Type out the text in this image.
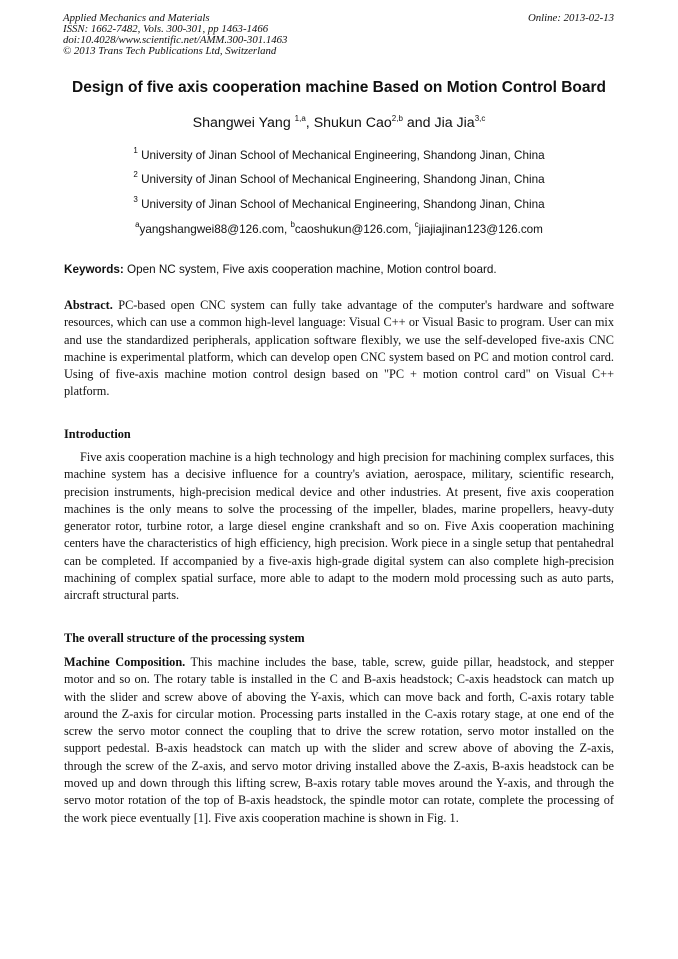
Applied Mechanics and Materials
ISSN: 1662-7482, Vols. 300-301, pp 1463-1466
doi:10.4028/www.scientific.net/AMM.300-301.1463
© 2013 Trans Tech Publications Ltd, Switzerland
Online: 2013-02-13
Design of five axis cooperation machine Based on Motion Control Board
Shangwei Yang $^{1,a}$, Shukun Cao$^{2,b}$ and Jia Jia$^{3,c}$
$^1$ University of Jinan School of Mechanical Engineering, Shandong Jinan, China
$^2$ University of Jinan School of Mechanical Engineering, Shandong Jinan, China
$^3$ University of Jinan School of Mechanical Engineering, Shandong Jinan, China
$^a$yangshangwei88@126.com, $^b$caoshukun@126.com, $^c$jiajiajinan123@126.com
Keywords: Open NC system, Five axis cooperation machine, Motion control board.

Abstract. PC-based open CNC system can fully take advantage of the computer's hardware and software resources, which can use a common high-level language: Visual C++ or Visual Basic to program. User can mix and use the standardized peripherals, application software flexibly, we use the self-developed five-axis CNC machine is experimental platform, which can develop open CNC system based on PC and motion control card. Using of five-axis machine motion control design based on "PC + motion control card" on Visual C++ platform.

Introduction

Five axis cooperation machine is a high technology and high precision for machining complex surfaces, this machine system has a decisive influence for a country's aviation, aerospace, military, scientific research, precision instruments, high-precision medical device and other industries. At present, five axis cooperation machines is the only means to solve the processing of the impeller, blades, marine propellers, heavy-duty generator rotor, turbine rotor, a large diesel engine crankshaft and so on. Five Axis cooperation machining centers have the characteristics of high efficiency, high precision. Work piece in a single setup that pentahedral can be completed. If accompanied by a five-axis high-grade digital system can also complete high-precision machining of complex spatial surface, more able to adapt to the modern mold processing such as auto parts, aircraft structural parts.

The overall structure of the processing system

Machine Composition. This machine includes the base, table, screw, guide pillar, headstock, and stepper motor and so on. The rotary table is installed in the C and B-axis headstock; C-axis headstock can match up with the slider and screw above of aboving the Y-axis, which can move back and forth, C-axis rotary table around the Z-axis for circular motion. Processing parts installed in the C-axis rotary stage, at one end of the screw the servo motor connect the coupling that to drive the screw rotation, servo motor installed on the support pedestal. B-axis headstock can match up with the slider and screw above of aboving the Z-axis, through the screw of the Z-axis, and servo motor driving installed above the Z-axis, B-axis headstock can be moved up and down through this lifting screw, B-axis rotary table moves around the Y-axis, and through the servo motor rotation of the top of B-axis headstock, the spindle motor can rotate, complete the processing of the work piece eventually [1]. Five axis cooperation machine is shown in Fig. 1.
